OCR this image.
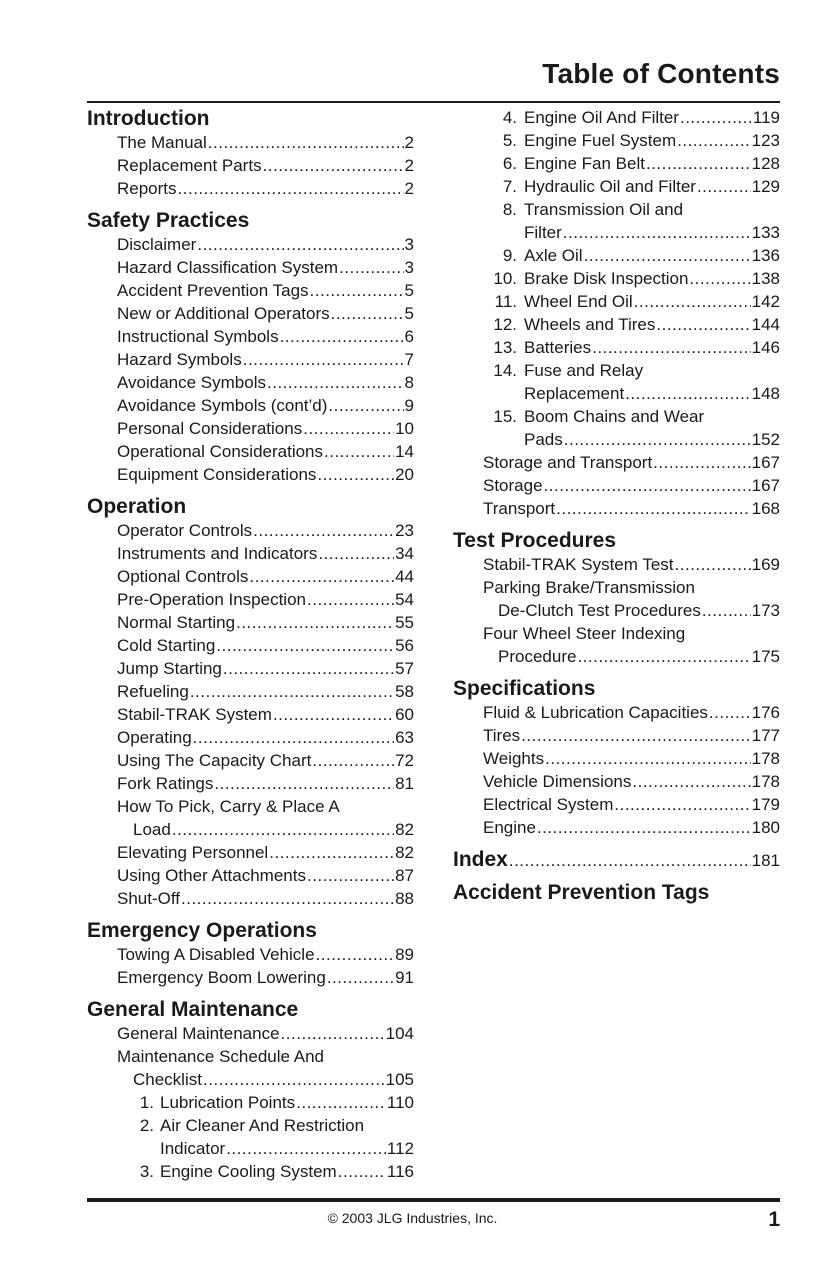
Table of Contents
Introduction
The Manual .....	2
Replacement Parts .....	2
Reports .....	2
Safety Practices
Disclaimer .....	3
Hazard Classification System .....	3
Accident Prevention Tags .....	5
New or Additional Operators .....	5
Instructional Symbols .....	6
Hazard Symbols .....	7
Avoidance Symbols .....	8
Avoidance Symbols (cont’d) .....	9
Personal Considerations .....	10
Operational Considerations .....	14
Equipment Considerations .....	20
Operation
Operator Controls .....	23
Instruments and Indicators .....	34
Optional Controls .....	44
Pre-Operation Inspection .....	54
Normal Starting .....	55
Cold Starting .....	56
Jump Starting .....	57
Refueling .....	58
Stabil-TRAK System .....	60
Operating .....	63
Using The Capacity Chart .....	72
Fork Ratings .....	81
How To Pick, Carry & Place A
Load .....	82
Elevating Personnel .....	82
Using Other Attachments .....	87
Shut-Off .....	88
Emergency Operations
Towing A Disabled Vehicle .....	89
Emergency Boom Lowering .....	91
General Maintenance
General Maintenance .....	104
Maintenance Schedule And
Checklist .....	105
1. Lubrication Points .....	110
2. Air Cleaner And Restriction
Indicator .....	112
3. Engine Cooling System .....	116
4. Engine Oil And Filter .....	119
5. Engine Fuel System .....	123
6. Engine Fan Belt .....	128
7. Hydraulic Oil and Filter .....	129
8. Transmission Oil and
Filter .....	133
9. Axle Oil .....	136
10. Brake Disk Inspection .....	138
11. Wheel End Oil .....	142
12. Wheels and Tires .....	144
13. Batteries .....	146
14. Fuse and Relay
Replacement .....	148
15. Boom Chains and Wear
Pads .....	152
Storage and Transport .....	167
Storage .....	167
Transport .....	168
Test Procedures
Stabil-TRAK System Test .....	169
Parking Brake/Transmission
De-Clutch Test Procedures .....	173
Four Wheel Steer Indexing
Procedure .....	175
Specifications
Fluid & Lubrication Capacities .....	176
Tires .....	177
Weights .....	178
Vehicle Dimensions .....	178
Electrical System .....	179
Engine .....	180
Index .....	181
Accident Prevention Tags
© 2003 JLG Industries, Inc.	1
